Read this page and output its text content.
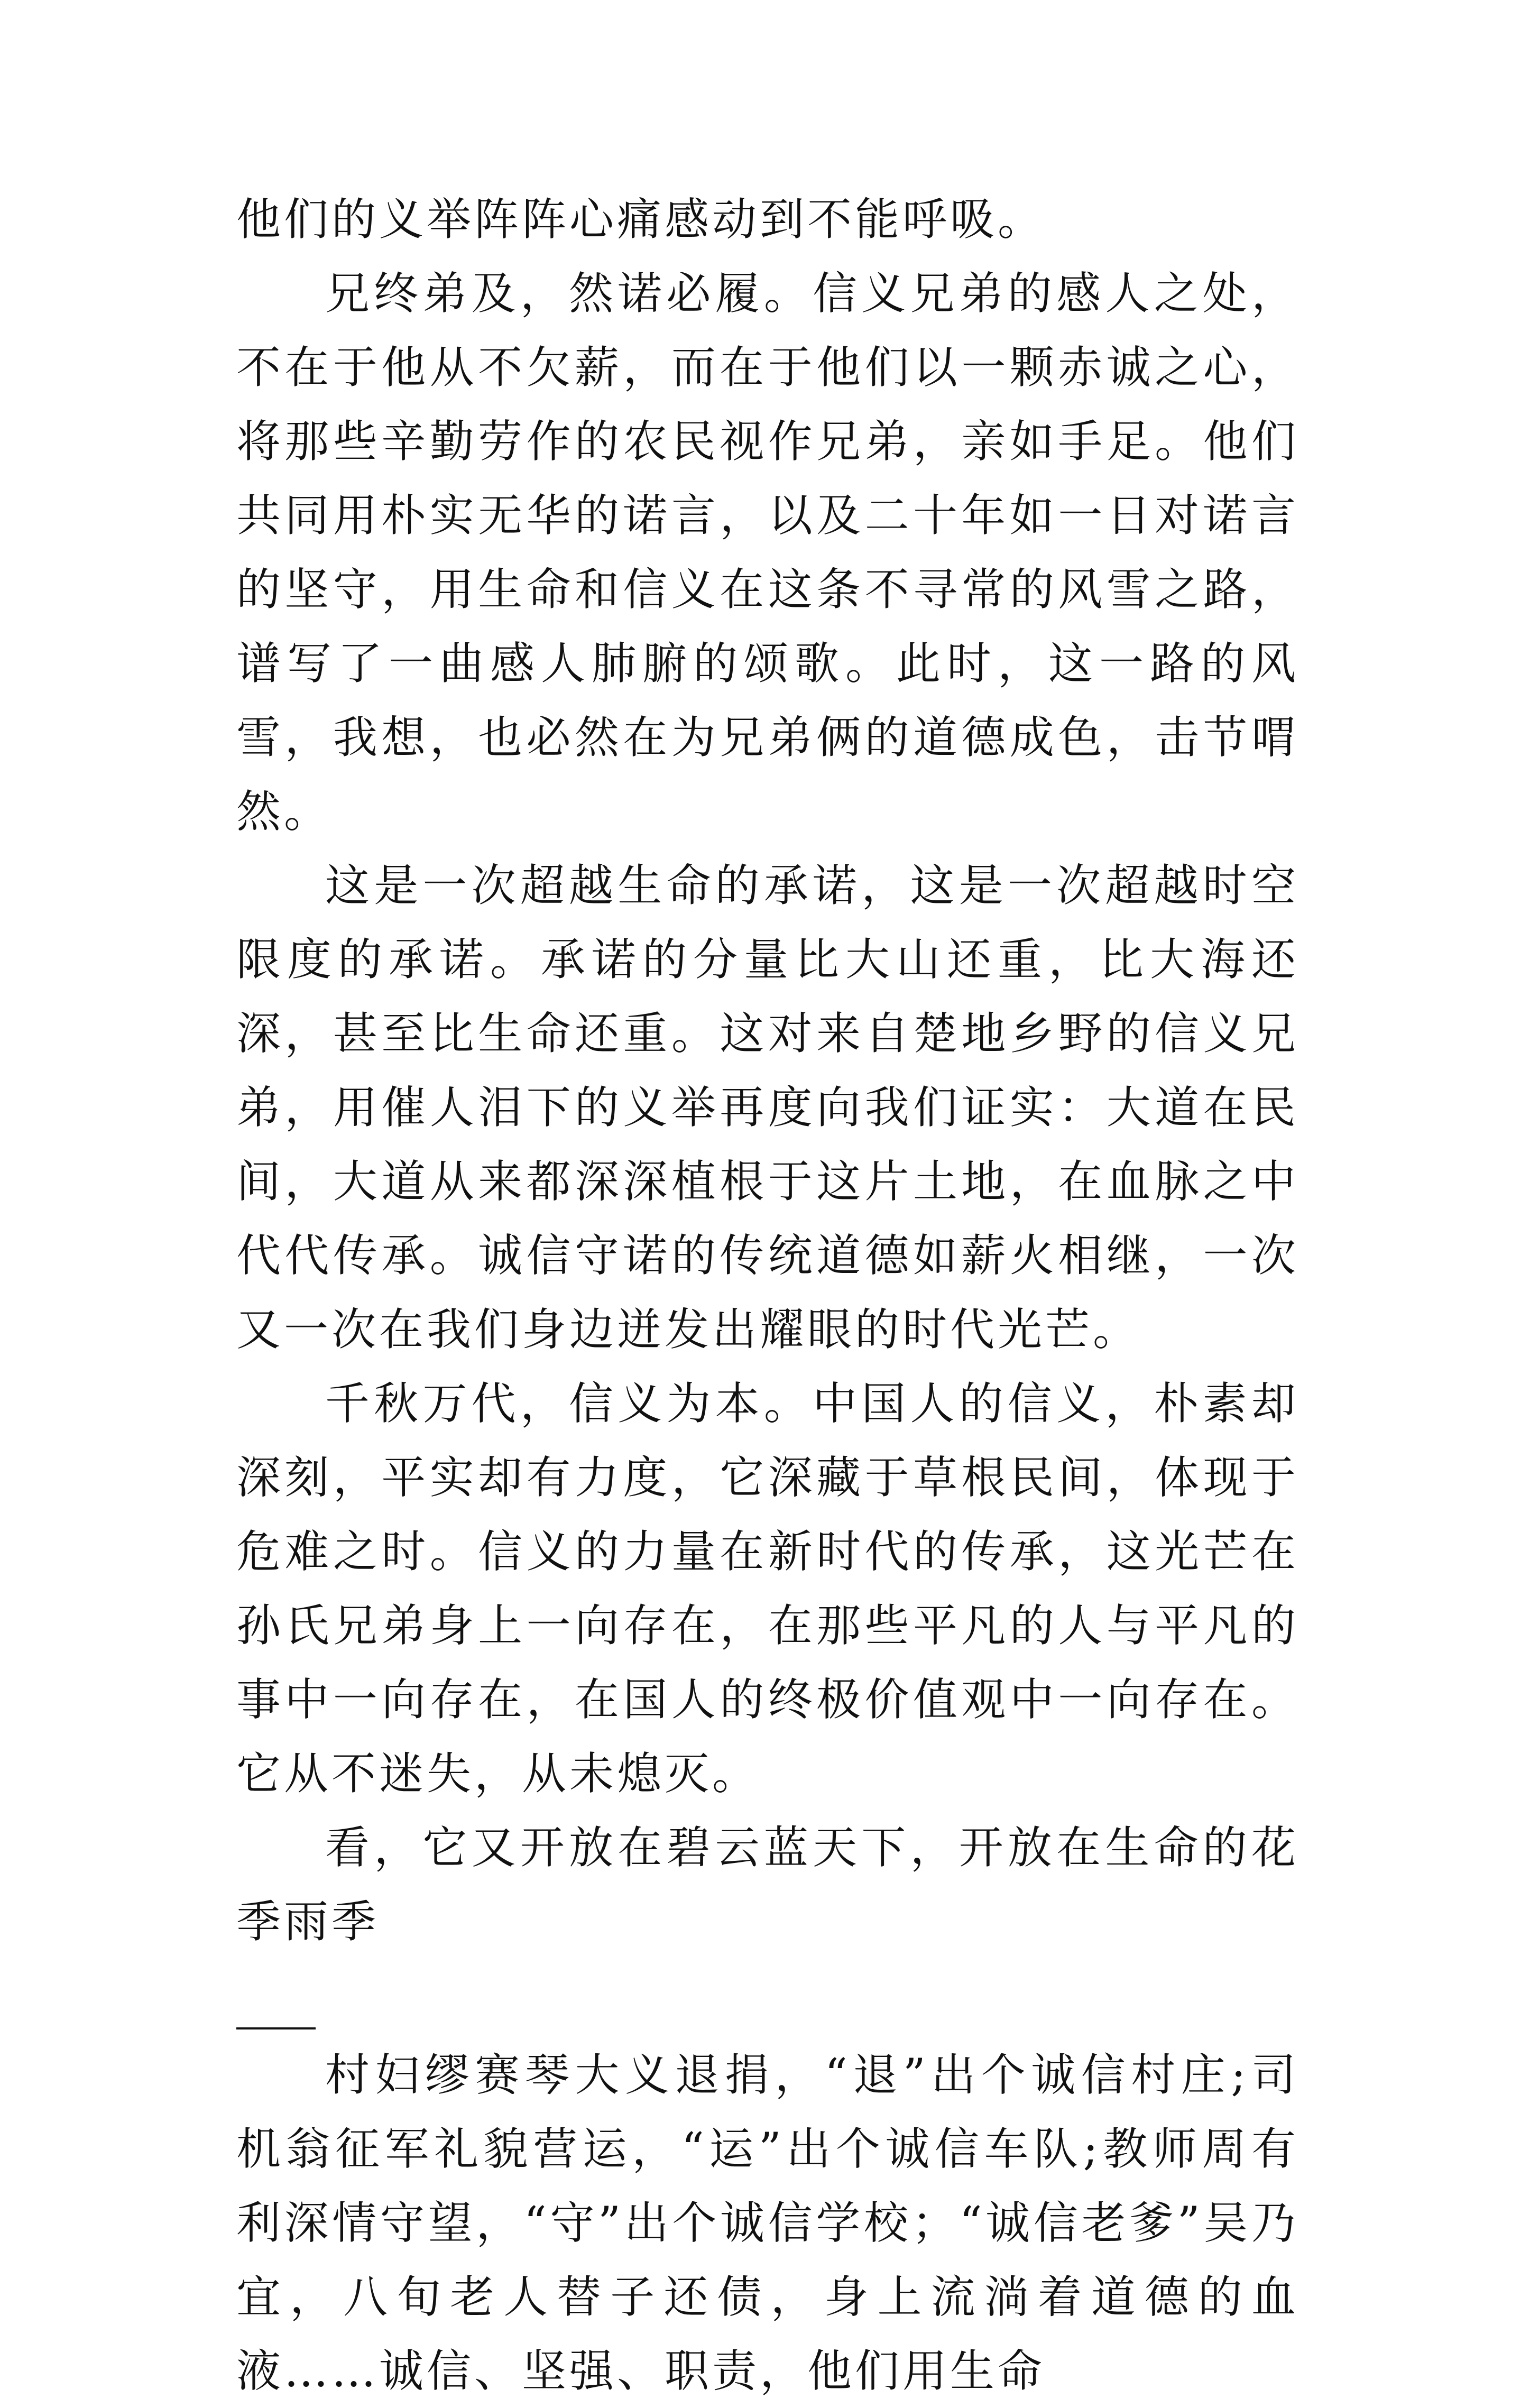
他们的义举阵阵心痛感动到不能呼吸。

兄终弟及，然诺必履。信义兄弟的感人之处，不在于他从不欠薪，而在于他们以一颗赤诚之心，将那些辛勤劳作的农民视作兄弟，亲如手足。他们共同用朴实无华的诺言，以及二十年如一日对诺言的坚守，用生命和信义在这条不寻常的风雪之路，谱写了一曲感人肺腑的颂歌。此时，这一路的风雪，我想，也必然在为兄弟俩的道德成色，击节喟然。

这是一次超越生命的承诺，这是一次超越时空限度的承诺。承诺的分量比大山还重，比大海还深，甚至比生命还重。这对来自楚地乡野的信义兄弟，用催人泪下的义举再度向我们证实：大道在民间，大道从来都深深植根于这片土地，在血脉之中代代传承。诚信守诺的传统道德如薪火相继，一次又一次在我们身边迸发出耀眼的时代光芒。

千秋万代，信义为本。中国人的信义，朴素却深刻，平实却有力度，它深藏于草根民间，体现于危难之时。信义的力量在新时代的传承，这光芒在孙氏兄弟身上一向存在，在那些平凡的人与平凡的事中一向存在，在国人的终极价值观中一向存在。它从不迷失，从未熄灭。

看，它又开放在碧云蓝天下，开放在生命的花季雨季

村妇缪赛琴大义退捐，“退”出个诚信村庄;司机翁征军礼貌营运，“运”出个诚信车队;教师周有利深情守望，“守”出个诚信学校；“诚信老爹”吴乃宜，八旬老人替子还债，身上流淌着道德的血液……诚信、坚强、职责，他们用生命
